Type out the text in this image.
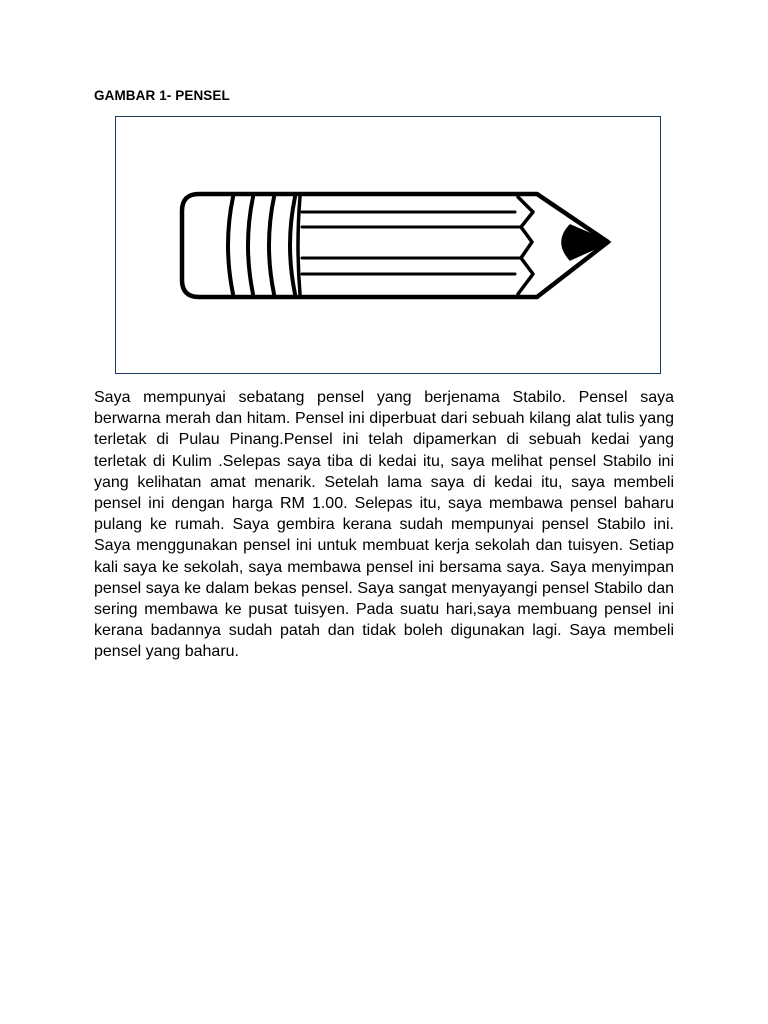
GAMBAR 1- PENSEL

Saya mempunyai sebatang pensel yang berjenama Stabilo. Pensel saya berwarna merah dan hitam. Pensel ini diperbuat dari sebuah kilang alat tulis yang terletak di Pulau Pinang.Pensel ini telah dipamerkan di sebuah kedai yang terletak di Kulim .Selepas saya tiba di kedai itu, saya melihat pensel Stabilo ini yang kelihatan amat menarik. Setelah lama saya di kedai itu, saya membeli pensel ini dengan harga RM 1.00. Selepas itu, saya membawa pensel baharu pulang ke rumah. Saya gembira kerana sudah mempunyai pensel Stabilo ini. Saya menggunakan pensel ini untuk membuat kerja sekolah dan tuisyen. Setiap kali saya ke sekolah, saya membawa pensel ini bersama saya. Saya menyimpan pensel saya ke dalam bekas pensel. Saya sangat menyayangi pensel Stabilo dan sering membawa ke pusat tuisyen. Pada suatu hari,saya membuang pensel ini kerana badannya sudah patah dan tidak boleh digunakan lagi. Saya membeli pensel yang baharu.
